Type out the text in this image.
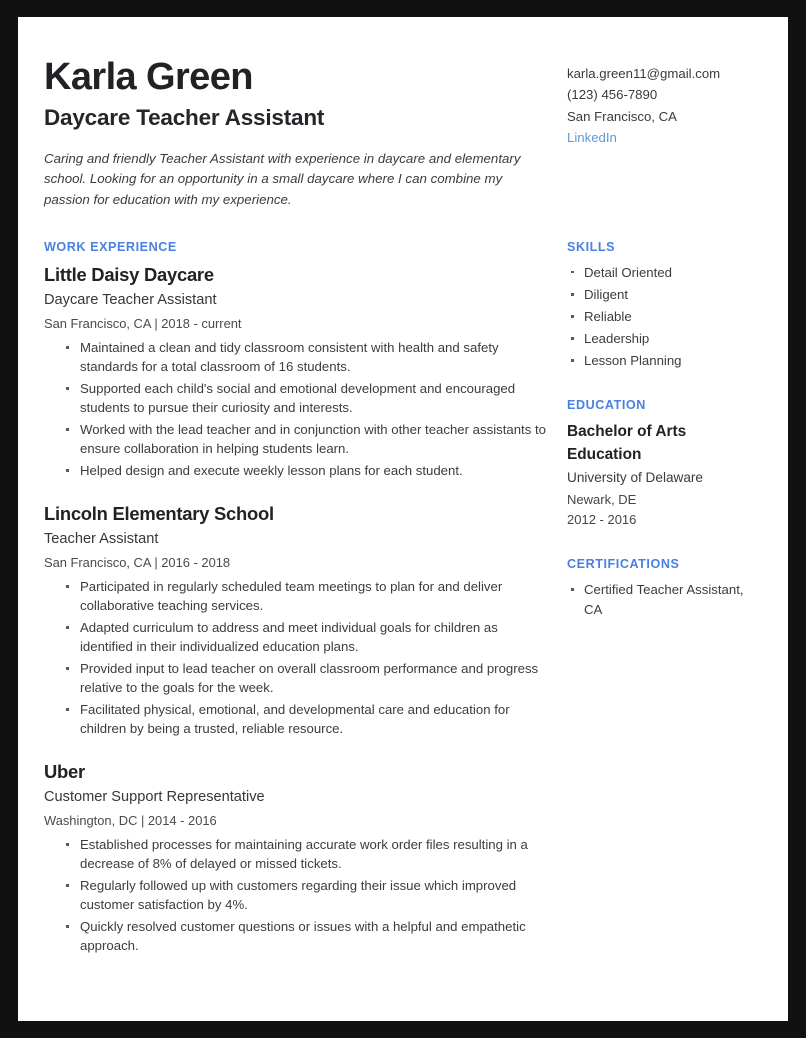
Karla Green
Daycare Teacher Assistant

Caring and friendly Teacher Assistant with experience in daycare and elementary school. Looking for an opportunity in a small daycare where I can combine my passion for education with my experience.

karla.green11@gmail.com
(123) 456-7890
San Francisco, CA
LinkedIn
WORK EXPERIENCE
Little Daisy Daycare

Daycare Teacher Assistant

San Francisco, CA | 2018 - current

Maintained a clean and tidy classroom consistent with health and safety standards for a total classroom of 16 students.
Supported each child's social and emotional development and encouraged students to pursue their curiosity and interests.
Worked with the lead teacher and in conjunction with other teacher assistants to ensure collaboration in helping students learn.
Helped design and execute weekly lesson plans for each student.
Lincoln Elementary School

Teacher Assistant

San Francisco, CA | 2016 - 2018

Participated in regularly scheduled team meetings to plan for and deliver collaborative teaching services.
Adapted curriculum to address and meet individual goals for children as identified in their individualized education plans.
Provided input to lead teacher on overall classroom performance and progress relative to the goals for the week.
Facilitated physical, emotional, and developmental care and education for children by being a trusted, reliable resource.
Uber

Customer Support Representative

Washington, DC | 2014 - 2016

Established processes for maintaining accurate work order files resulting in a decrease of 8% of delayed or missed tickets.
Regularly followed up with customers regarding their issue which improved customer satisfaction by 4%.
Quickly resolved customer questions or issues with a helpful and empathetic approach.
SKILLS
Detail Oriented
Diligent
Reliable
Leadership
Lesson Planning
EDUCATION

Bachelor of Arts

Education

University of Delaware

Newark, DE

2012 - 2016

CERTIFICATIONS
Certified Teacher Assistant, CA
